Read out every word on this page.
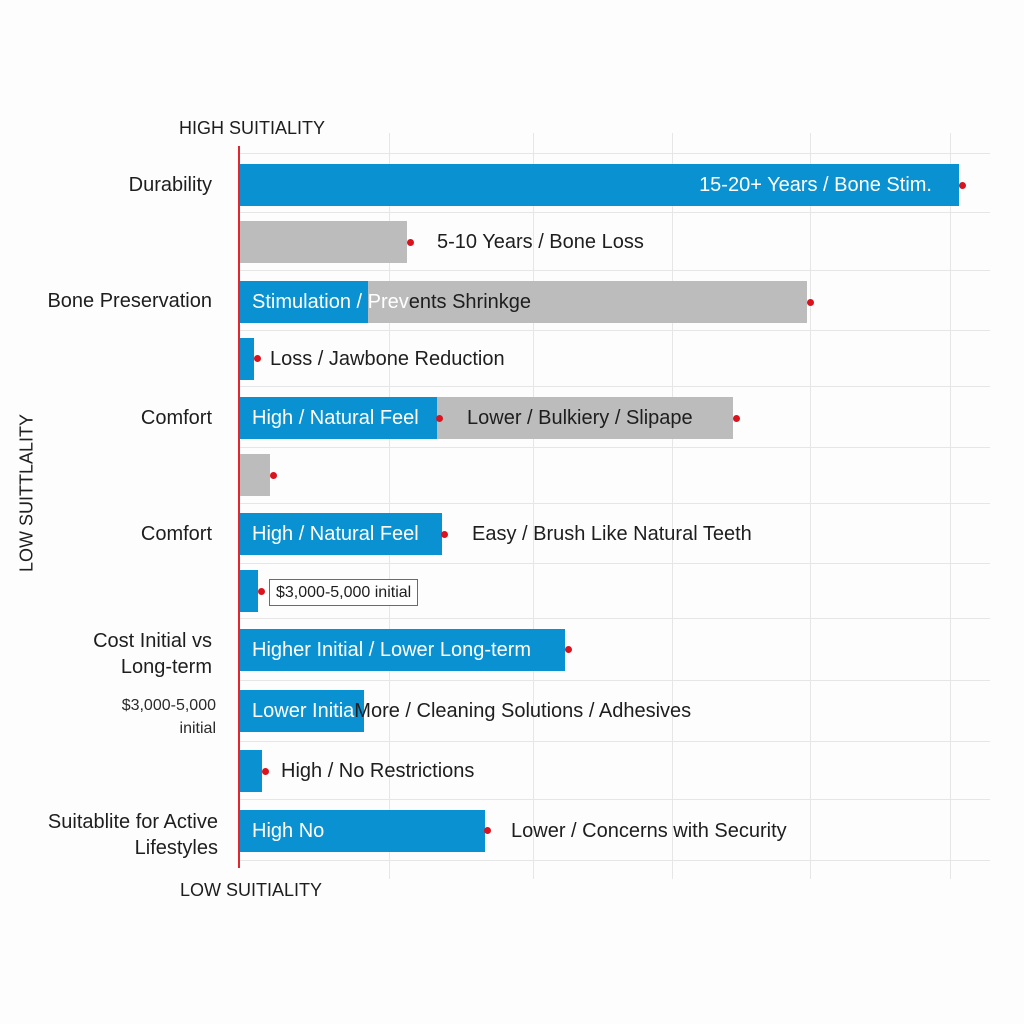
HIGH SUITIALITY
LOW SUITIALITY
LOW SUITTLALITY
Durability
Bone Preservation
Comfort
Comfort
Cost Initial vs
Long-term
$3,000-5,000
initial
Suitablite for Active
Lifestyles
15-20+ Years / Bone Stim.
5-10 Years / Bone Loss
Stimulation / Prevents Shrinkge
Loss / Jawbone Reduction
High / Natural Feel Lower / Bulkiery / Slipape
High / Natural Feel	Easy / Brush Like Natural Teeth
$3,000-5,000 initial
Higher Initial / Lower Long-term
Lower InitiaMore / Cleaning Solutions / Adhesives
High / No Restrictions
High No	Lower / Concerns with Security
